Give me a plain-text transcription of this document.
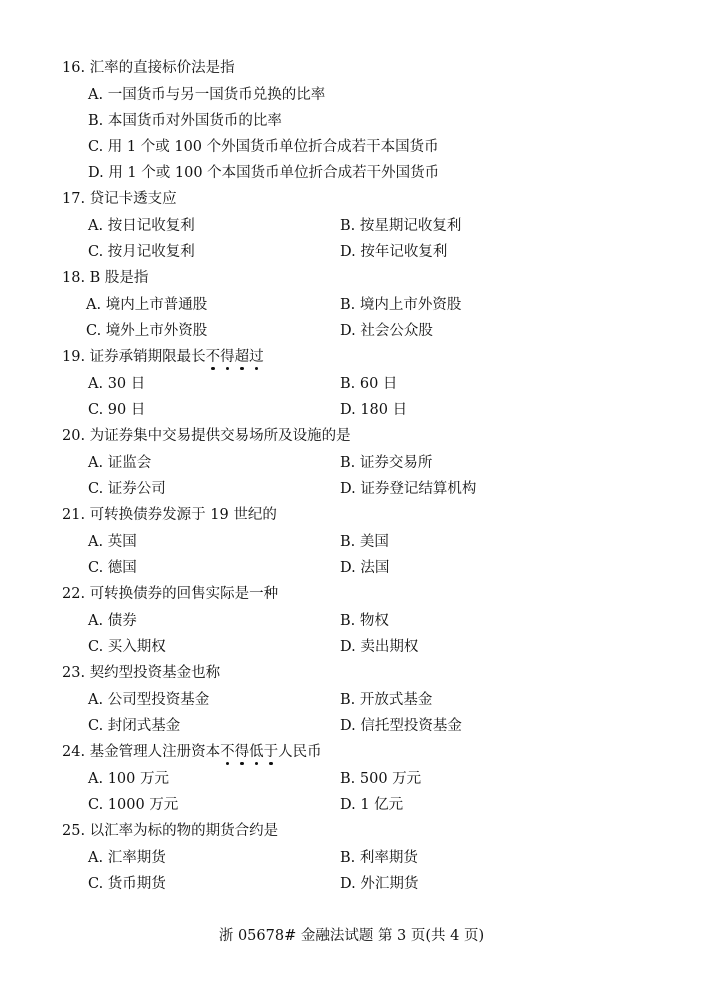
16. 汇率的直接标价法是指
A. 一国货币与另一国货币兑换的比率
B. 本国货币对外国货币的比率
C. 用 1 个或 100 个外国货币单位折合成若干本国货币
D. 用 1 个或 100 个本国货币单位折合成若干外国货币
17. 贷记卡透支应
A. 按日记收复利	B. 按星期记收复利
C. 按月记收复利	D. 按年记收复利
18. B 股是指
A. 境内上市普通股	B. 境内上市外资股
C. 境外上市外资股	D. 社会公众股
19. 证券承销期限最长不得超过
A. 30 日	B. 60 日
C. 90 日	D. 180 日
20. 为证券集中交易提供交易场所及设施的是
A. 证监会	B. 证券交易所
C. 证券公司	D. 证券登记结算机构
21. 可转换债券发源于 19 世纪的
A. 英国	B. 美国
C. 德国	D. 法国
22. 可转换债券的回售实际是一种
A. 债券	B. 物权
C. 买入期权	D. 卖出期权
23. 契约型投资基金也称
A. 公司型投资基金	B. 开放式基金
C. 封闭式基金	D. 信托型投资基金
24. 基金管理人注册资本不得低于人民币
A. 100 万元	B. 500 万元
C. 1000 万元	D. 1 亿元
25. 以汇率为标的物的期货合约是
A. 汇率期货	B. 利率期货
C. 货币期货	D. 外汇期货
浙 05678# 金融法试题 第 3 页(共 4 页)
